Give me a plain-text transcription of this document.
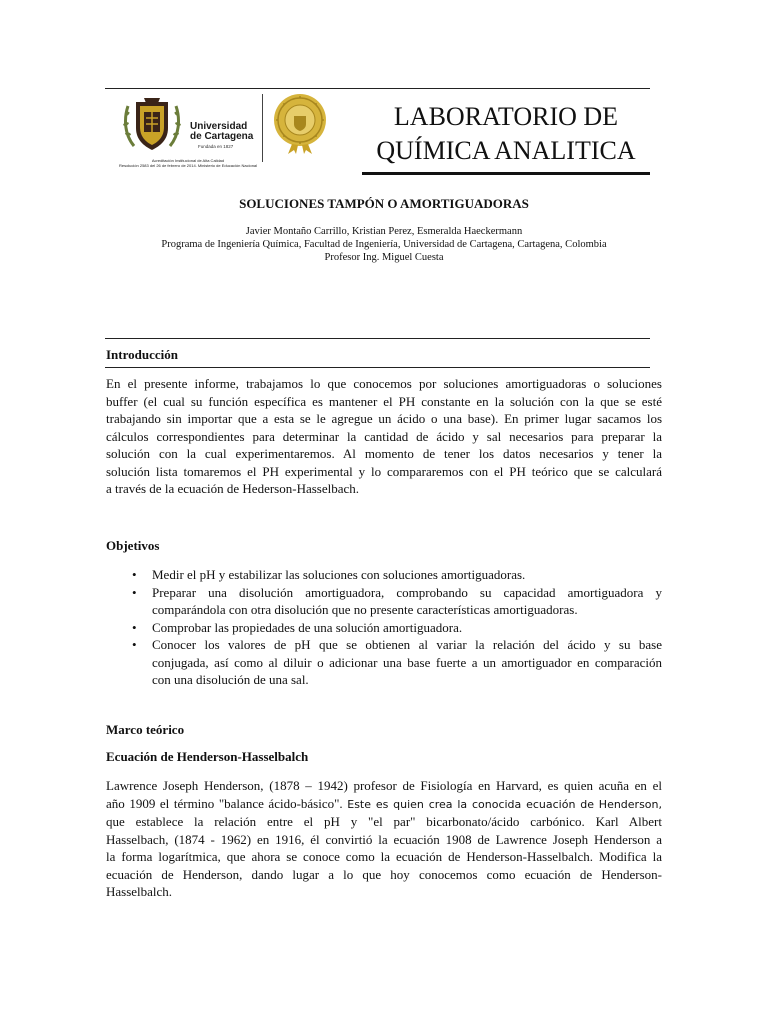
Universidad
de Cartagena
Fundada en 1827
Acreditación Institucional de Alta Calidad
Resolución 2583 del 26 de febrero de 2014. Ministerio de Educación Nacional
LABORATORIO DE
QUÍMICA ANALITICA
SOLUCIONES TAMPÓN O AMORTIGUADORAS
Javier Montaño Carrillo, Kristian Perez, Esmeralda Haeckermann
Programa de Ingeniería Química, Facultad de Ingeniería, Universidad de Cartagena, Cartagena, Colombia
Profesor Ing. Miguel Cuesta
Introducción
En el presente informe, trabajamos lo que conocemos por soluciones amortiguadoras o soluciones
buffer (el cual su función específica es mantener el PH constante en la solución con la que se esté
trabajando sin importar que a esta se le agregue un ácido o una base). En primer lugar sacamos los
cálculos correspondientes para determinar la cantidad de ácido y sal necesarios para preparar la
solución con la cual experimentaremos. Al momento de tener los datos necesarios y tener la
solución lista tomaremos el PH experimental y lo compararemos con el PH teórico que se calculará
a través de la ecuación de Hederson-Hasselbach.
Objetivos
• Medir el pH y estabilizar las soluciones con soluciones amortiguadoras.
• Preparar una disolución amortiguadora, comprobando su capacidad amortiguadora y
comparándola con otra disolución que no presente características amortiguadoras.
• Comprobar las propiedades de una solución amortiguadora.
• Conocer los valores de pH que se obtienen al variar la relación del ácido y su base
conjugada, así como al diluir o adicionar una base fuerte a un amortiguador en comparación
con una disolución de una sal.
Marco teórico
Ecuación de Henderson-Hasselbalch
Lawrence Joseph Henderson, (1878 – 1942) profesor de Fisiología en Harvard, es quien acuña en el
año 1909 el término "balance ácido-básico". Este es quien crea la conocida ecuación de Henderson,
que establece la relación entre el pH y "el par" bicarbonato/ácido carbónico. Karl Albert
Hasselbach, (1874 - 1962) en 1916, él convirtió la ecuación 1908 de Lawrence Joseph Henderson a
la forma logarítmica, que ahora se conoce como la ecuación de Henderson-Hasselbalch. Modifica la
ecuación de Henderson, dando lugar a lo que hoy conocemos como ecuación de Henderson-
Hasselbalch.
